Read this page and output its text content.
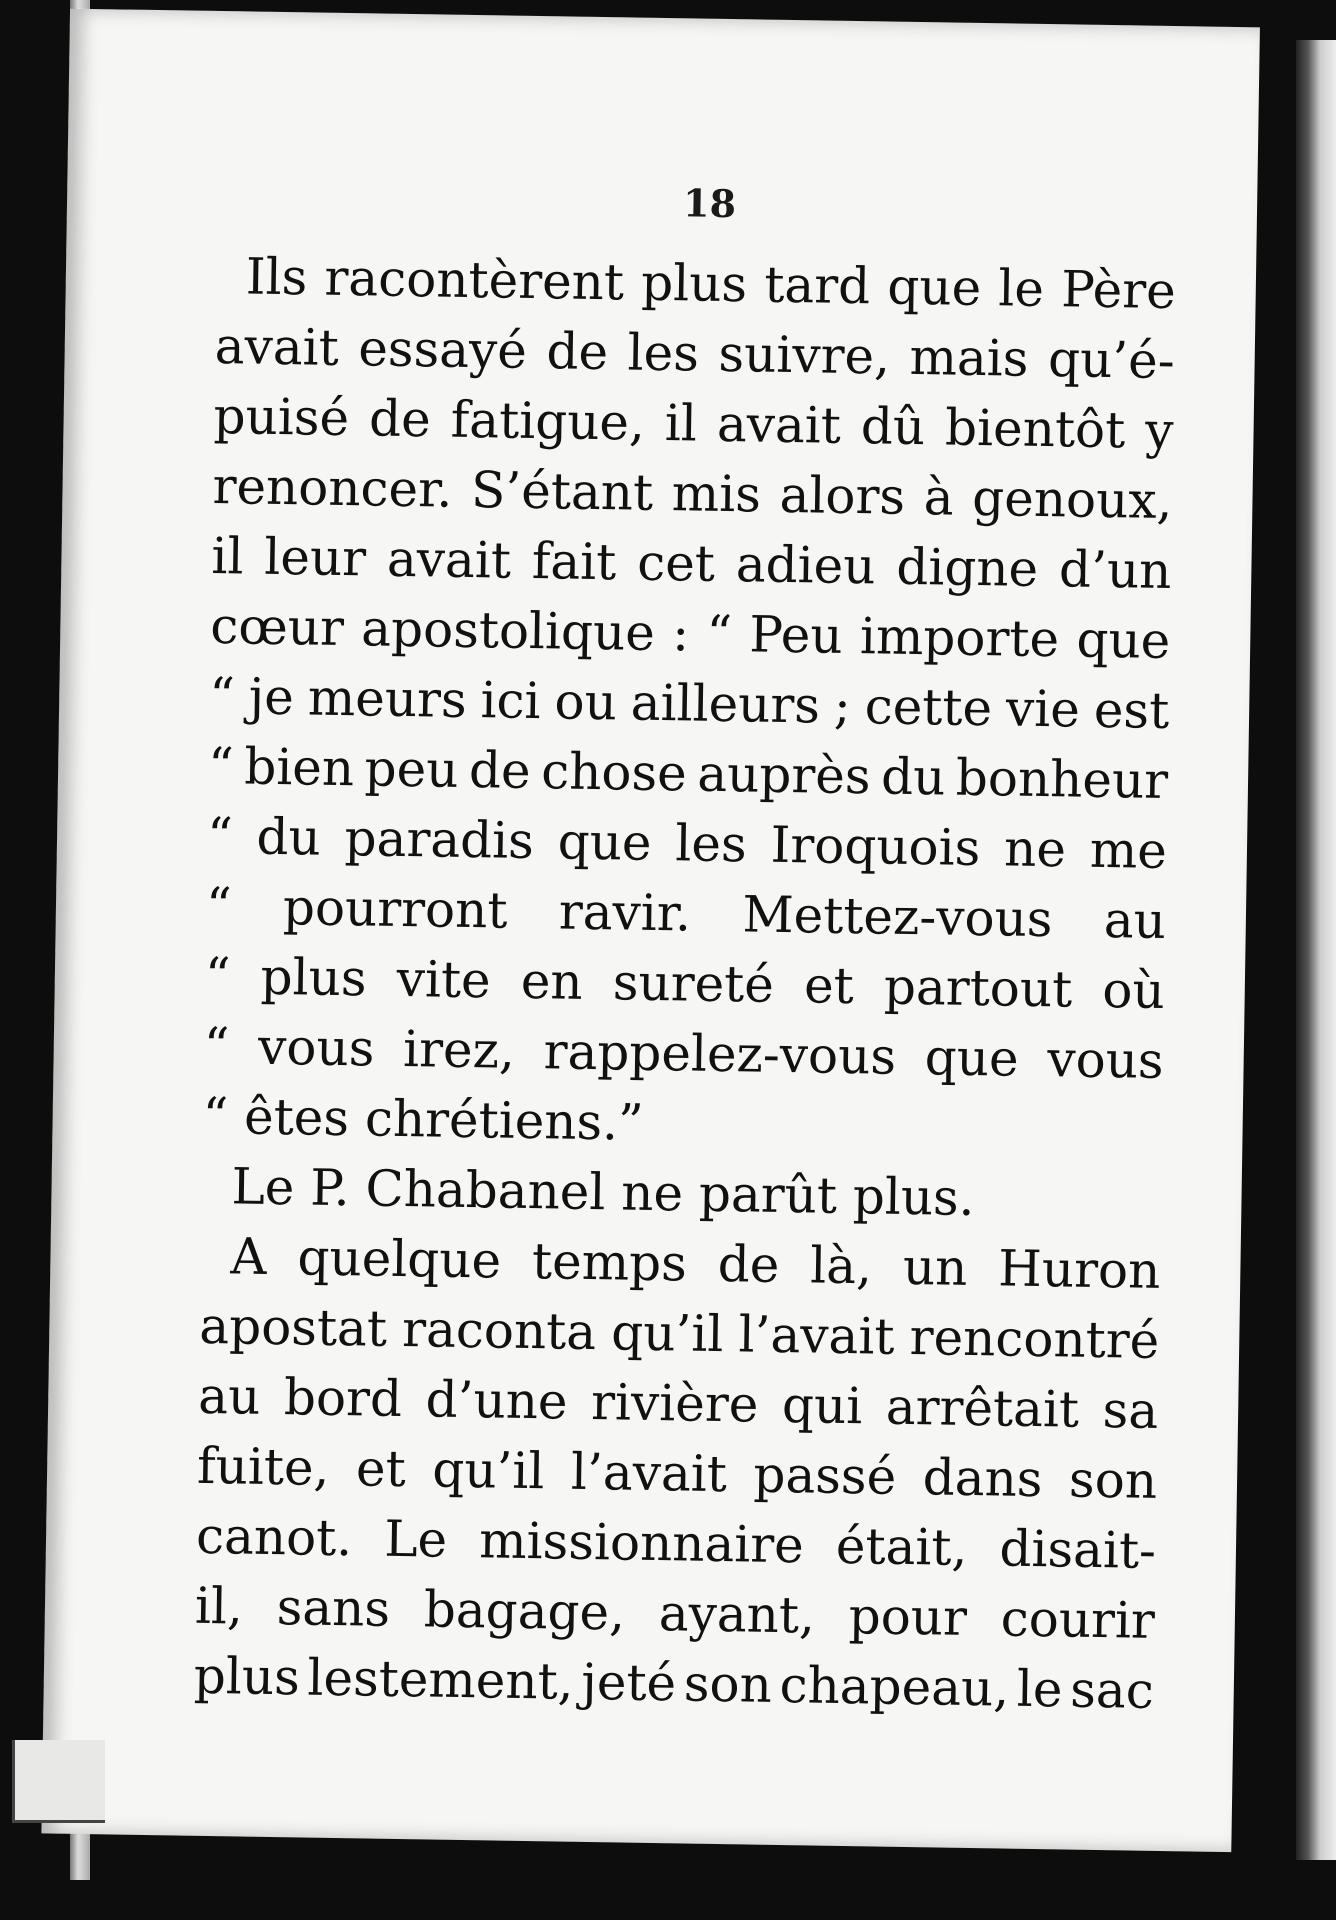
18
Ils racontèrent plus tard que le Père
avait essayé de les suivre, mais qu’é-
puisé de fatigue, il avait dû bientôt y
renoncer. S’étant mis alors à genoux,
il leur avait fait cet adieu digne d’un
cœur apostolique : “ Peu importe que
“ je meurs ici ou ailleurs ; cette vie est
“ bien peu de chose auprès du bonheur
“ du paradis que les Iroquois ne me
“ pourront ravir. Mettez-vous au
“ plus vite en sureté et partout où
“ vous irez, rappelez-vous que vous
“ êtes chrétiens.”
Le P. Chabanel ne parût plus.
A quelque temps de là, un Huron
apostat raconta qu’il l’avait rencontré
au bord d’une rivière qui arrêtait sa
fuite, et qu’il l’avait passé dans son
canot. Le missionnaire était, disait-
il, sans bagage, ayant, pour courir
plus lestement, jeté son chapeau, le sac
